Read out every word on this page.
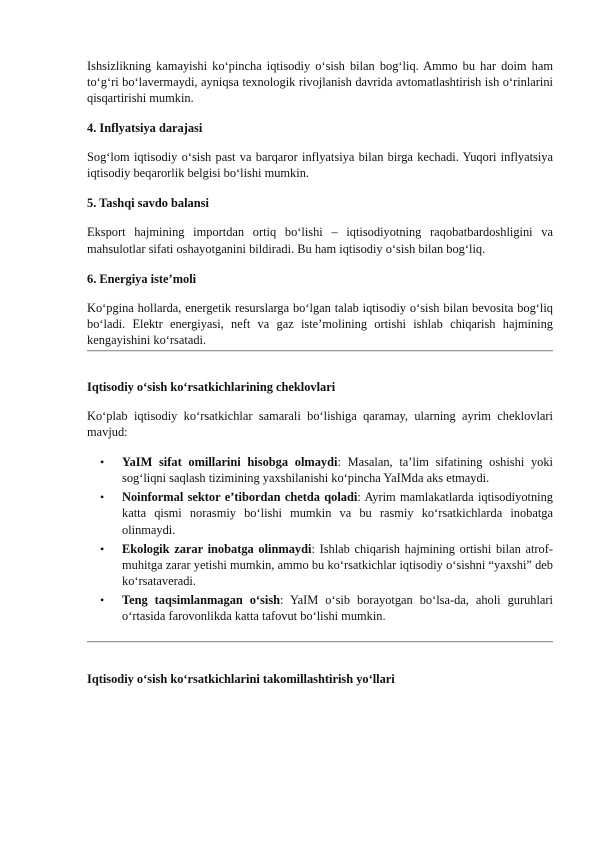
Ishsizlikning kamayishi ko‘pincha iqtisodiy o‘sish bilan bog‘liq. Ammo bu har doim ham to‘g‘ri bo‘lavermaydi, ayniqsa texnologik rivojlanish davrida avtomatlashtirish ish o‘rinlarini qisqartirishi mumkin.

4. Inflyatsiya darajasi

Sog‘lom iqtisodiy o‘sish past va barqaror inflyatsiya bilan birga kechadi. Yuqori inflyatsiya iqtisodiy beqarorlik belgisi bo‘lishi mumkin.

5. Tashqi savdo balansi

Eksport hajmining importdan ortiq bo‘lishi – iqtisodiyotning raqobatbardoshligini va mahsulotlar sifati oshayotganini bildiradi. Bu ham iqtisodiy o‘sish bilan bog‘liq.

6. Energiya iste’moli

Ko‘pgina hollarda, energetik resurslarga bo‘lgan talab iqtisodiy o‘sish bilan bevosita bog‘liq bo‘ladi. Elektr energiyasi, neft va gaz iste’molining ortishi ishlab chiqarish hajmining kengayishini ko‘rsatadi.

Iqtisodiy o‘sish ko‘rsatkichlarining cheklovlari

Ko‘plab iqtisodiy ko‘rsatkichlar samarali bo‘lishiga qaramay, ularning ayrim cheklovlari mavjud:

• YaIM sifat omillarini hisobga olmaydi: Masalan, ta’lim sifatining oshishi yoki sog‘liqni saqlash tizimining yaxshilanishi ko‘pincha YaIMda aks etmaydi.
• Noinformal sektor e’tibordan chetda qoladi: Ayrim mamlakatlarda iqtisodiyotning katta qismi norasmiy bo‘lishi mumkin va bu rasmiy ko‘rsatkichlarda inobatga olinmaydi.
• Ekologik zarar inobatga olinmaydi: Ishlab chiqarish hajmining ortishi bilan atrof-muhitga zarar yetishi mumkin, ammo bu ko‘rsatkichlar iqtisodiy o‘sishni “yaxshi” deb ko‘rsataveradi.
• Teng taqsimlanmagan o‘sish: YaIM o‘sib borayotgan bo‘lsa-da, aholi guruhlari o‘rtasida farovonlikda katta tafovut bo‘lishi mumkin.
Iqtisodiy o‘sish ko‘rsatkichlarini takomillashtirish yo‘llari
